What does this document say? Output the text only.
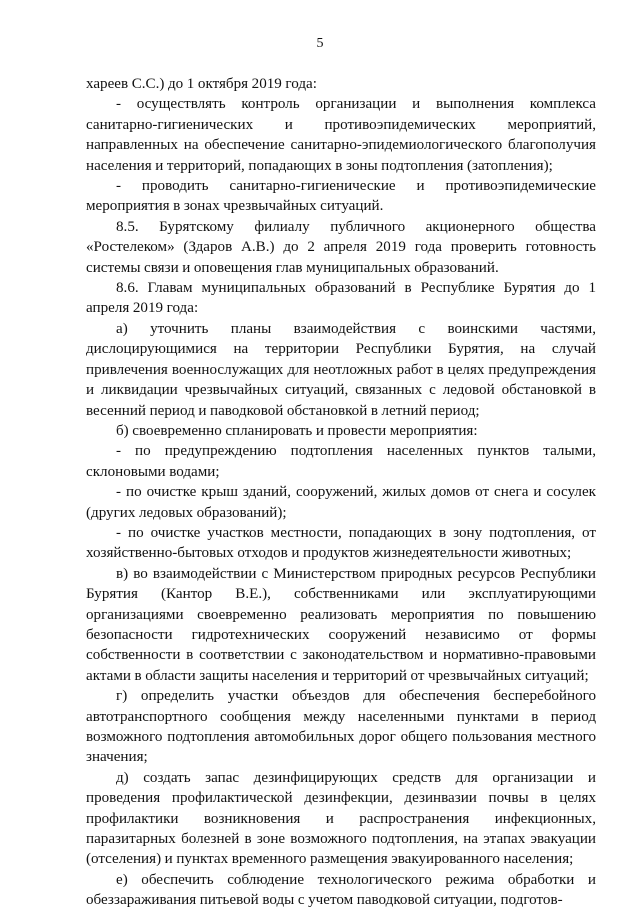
5

хареев С.С.) до 1 октября 2019 года:

- осуществлять контроль организации и выполнения комплекса санитарно-гигиенических и противоэпидемических мероприятий, направленных на обеспечение санитарно-эпидемиологического благополучия населения и территорий, попадающих в зоны подтопления (затопления);

- проводить санитарно-гигиенические и противоэпидемические мероприятия в зонах чрезвычайных ситуаций.

8.5. Бурятскому филиалу публичного акционерного общества «Ростелеком» (Здаров А.В.) до 2 апреля 2019 года проверить готовность системы связи и оповещения глав муниципальных образований.

8.6. Главам муниципальных образований в Республике Бурятия до 1 апреля 2019 года:

а) уточнить планы взаимодействия с воинскими частями, дислоцирующимися на территории Республики Бурятия, на случай привлечения военнослужащих для неотложных работ в целях предупреждения и ликвидации чрезвычайных ситуаций, связанных с ледовой обстановкой в весенний период и паводковой обстановкой в летний период;

б) своевременно спланировать и провести мероприятия:

- по предупреждению подтопления населенных пунктов талыми, склоновыми водами;

- по очистке крыш зданий, сооружений, жилых домов от снега и сосулек (других ледовых образований);

- по очистке участков местности, попадающих в зону подтопления, от хозяйственно-бытовых отходов и продуктов жизнедеятельности животных;

в) во взаимодействии с Министерством природных ресурсов Республики Бурятия (Кантор В.Е.), собственниками или эксплуатирующими организациями своевременно реализовать мероприятия по повышению безопасности гидротехнических сооружений независимо от формы собственности в соответствии с законодательством и нормативно-правовыми актами в области защиты населения и территорий от чрезвычайных ситуаций;

г) определить участки объездов для обеспечения бесперебойного автотранспортного сообщения между населенными пунктами в период возможного подтопления автомобильных дорог общего пользования местного значения;

д) создать запас дезинфицирующих средств для организации и проведения профилактической дезинфекции, дезинвазии почвы в целях профилактики возникновения и распространения инфекционных, паразитарных болезней в зоне возможного подтопления, на этапах эвакуации (отселения) и пунктах временного размещения эвакуированного населения;

е) обеспечить соблюдение технологического режима обработки и обеззараживания питьевой воды с учетом паводковой ситуации, подготов-
